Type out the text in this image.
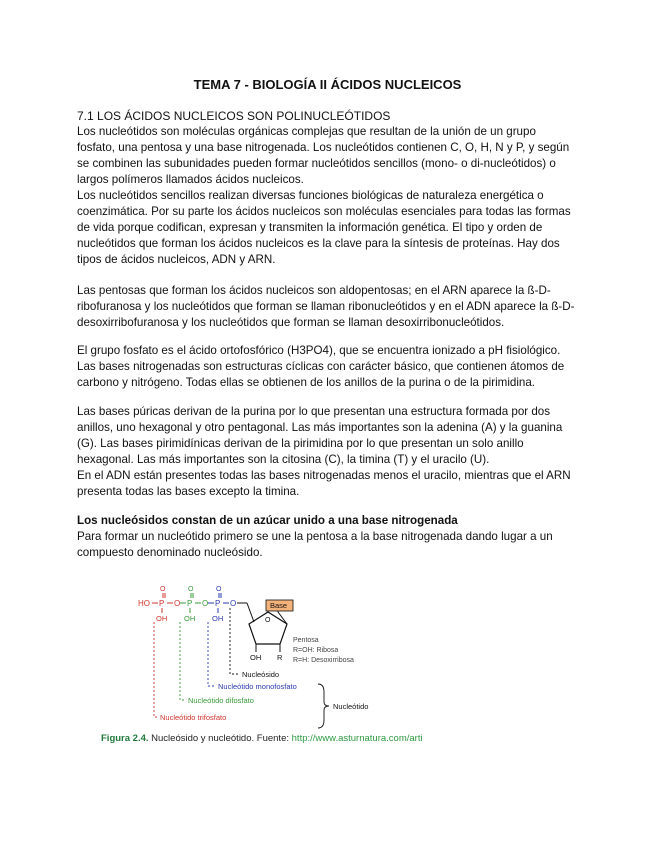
TEMA 7 - BIOLOGÍA II ÁCIDOS NUCLEICOS

7.1 LOS ÁCIDOS NUCLEICOS SON POLINUCLEÓTIDOS

Los nucleótidos son moléculas orgánicas complejas que resultan de la unión de un grupo fosfato, una pentosa y una base nitrogenada. Los nucleótidos contienen C, O, H, N y P, y según se combinen las subunidades pueden formar nucleótidos sencillos (mono- o di-nucleótidos) o largos polímeros llamados ácidos nucleicos.

Los nucleótidos sencillos realizan diversas funciones biológicas de naturaleza energética o coenzimática. Por su parte los ácidos nucleicos son moléculas esenciales para todas las formas de vida porque codifican, expresan y transmiten la información genética. El tipo y orden de nucleótidos que forman los ácidos nucleicos es la clave para la síntesis de proteínas. Hay dos tipos de ácidos nucleicos, ADN y ARN.

Las pentosas que forman los ácidos nucleicos son aldopentosas; en el ARN aparece la ß-D-ribofuranosa y los nucleótidos que forman se llaman ribonucleótidos y en el ADN aparece la ß-D-desoxirribofuranosa y los nucleótidos que forman se llaman desoxirribonucleótidos.
El grupo fosfato es el ácido ortofosfórico (H3PO4), que se encuentra ionizado a pH fisiológico. Las bases nitrogenadas son estructuras cíclicas con carácter básico, que contienen átomos de carbono y nitrógeno. Todas ellas se obtienen de los anillos de la purina o de la pirimidina.

Las bases púricas derivan de la purina por lo que presentan una estructura formada por dos anillos, uno hexagonal y otro pentagonal. Las más importantes son la adenina (A) y la guanina (G). Las bases pirimidínicas derivan de la pirimidina por lo que presentan un solo anillo hexagonal. Las más importantes son la citosina (C), la timina (T) y el uracilo (U).

En el ADN están presentes todas las bases nitrogenadas menos el uracilo, mientras que el ARN presenta todas las bases excepto la timina.

Los nucleósidos constan de un azúcar unido a una base nitrogenada

Para formar un nucleótido primero se une la pentosa a la base nitrogenada dando lugar a un compuesto denominado nucleósido.

HO P
O
O P
O
O P
O
O
OH OH OH	O
OH R
Base
Pentosa
R=OH: Ribosa
R=H: Desoxirribosa
Nucleósido
Nucleótido monofosfato
Nucleótido difosfato
Nucleótido trifosfato
Nucleótido
Figura 2.4. Nucleósido y nucleótido. Fuente: http://www.asturnatura.com/arti
